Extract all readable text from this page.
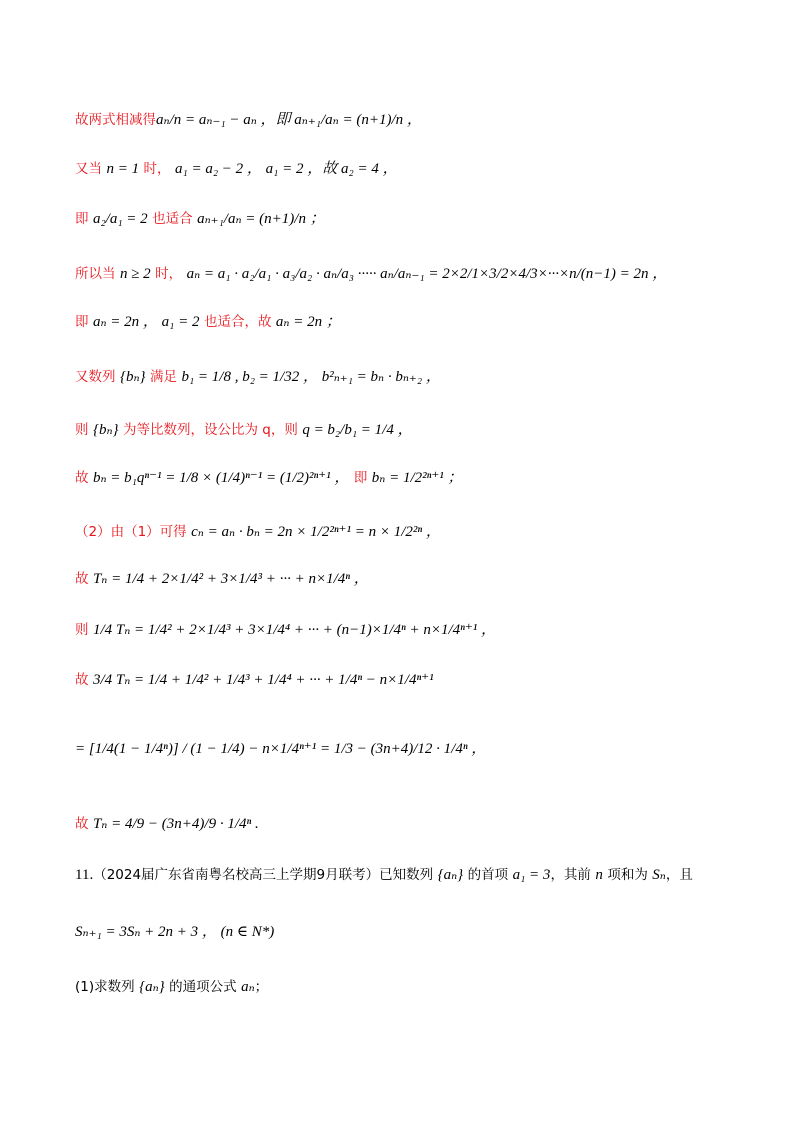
故两式相减得aₙ/n = aₙ₋₁ − aₙ ，即 aₙ₊₁/aₙ = (n+1)/n ，
又当 n = 1 时， a₁ = a₂ − 2 ， a₁ = 2 ，故 a₂ = 4 ，
即 a₂/a₁ = 2 也适合 aₙ₊₁/aₙ = (n+1)/n ；
所以当 n ≥ 2 时， aₙ = a₁ · a₂/a₁ · a₃/a₂ · aₙ/a₃ ····· aₙ/aₙ₋₁ = 2×2/1×3/2×4/3×···×n/(n−1) = 2n ，
即 aₙ = 2n ， a₁ = 2 也适合，故 aₙ = 2n ；
又数列 {bₙ} 满足 b₁ = 1/8 , b₂ = 1/32 ， b²ₙ₊₁ = bₙ · bₙ₊₂ ，
则 {bₙ} 为等比数列，设公比为 q，则 q = b₂/b₁ = 1/4 ，
故 bₙ = b₁qⁿ⁻¹ = 1/8 × (1/4)ⁿ⁻¹ = (1/2)²ⁿ⁺¹ ， 即 bₙ = 1/2²ⁿ⁺¹ ；
（2）由（1）可得 cₙ = aₙ · bₙ = 2n × 1/2²ⁿ⁺¹ = n × 1/2²ⁿ ，
故 Tₙ = 1/4 + 2×1/4² + 3×1/4³ + ··· + n×1/4ⁿ ，
则 1/4 Tₙ = 1/4² + 2×1/4³ + 3×1/4⁴ + ··· + (n−1)×1/4ⁿ + n×1/4ⁿ⁺¹ ，
故 3/4 Tₙ = 1/4 + 1/4² + 1/4³ + 1/4⁴ + ··· + 1/4ⁿ − n×1/4ⁿ⁺¹
= [1/4(1 − 1/4ⁿ)] / (1 − 1/4) − n×1/4ⁿ⁺¹ = 1/3 − (3n+4)/12 · 1/4ⁿ ，
故 Tₙ = 4/9 − (3n+4)/9 · 1/4ⁿ .
11.（2024届广东省南粤名校高三上学期9月联考）已知数列 {aₙ} 的首项 a₁ = 3，其前 n 项和为 Sₙ，且
Sₙ₊₁ = 3Sₙ + 2n + 3 ， (n ∈ N*)
(1)求数列 {aₙ} 的通项公式 aₙ；
